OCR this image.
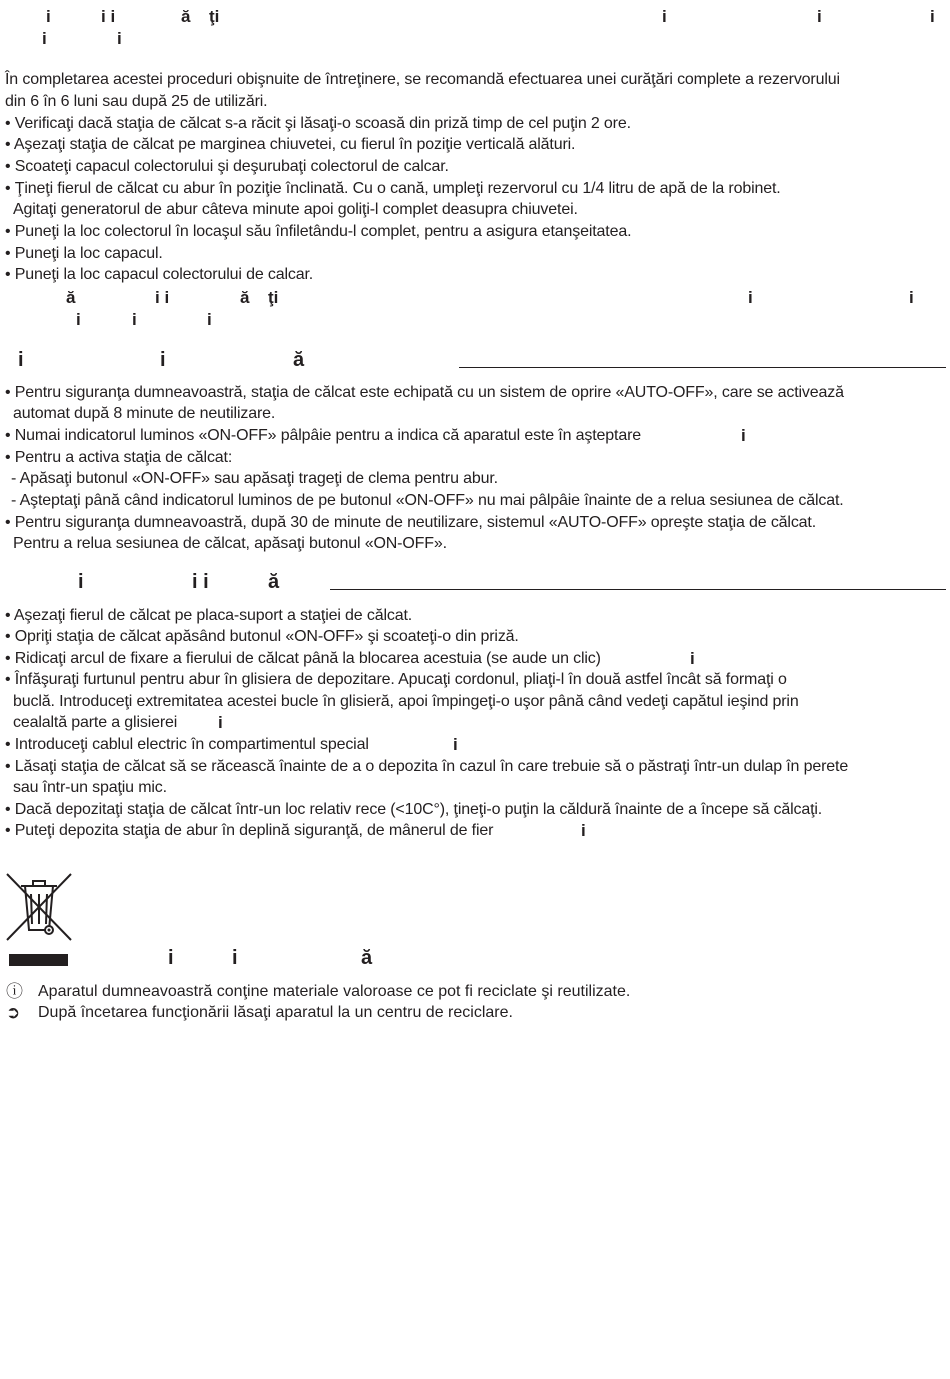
i	i i	ă ţi	i	i	i
i	i
În completarea acestei proceduri obişnuite de întreţinere, se recomandă efectuarea unei curăţări complete a rezervorului
din 6 în 6 luni sau după 25 de utilizări.
• Verificaţi dacă staţia de călcat s-a răcit şi lăsaţi-o scoasă din priză timp de cel puţin 2 ore.
• Aşezaţi staţia de călcat pe marginea chiuvetei, cu fierul în poziţie verticală alături.
• Scoateţi capacul colectorului şi deşurubaţi colectorul de calcar.
• Ţineţi fierul de călcat cu abur în poziţie înclinată. Cu o cană, umpleţi rezervorul cu 1/4 litru de apă de la robinet.
Agitaţi generatorul de abur câteva minute apoi goliţi-l complet deasupra chiuvetei.
• Puneţi la loc colectorul în locaşul său înfiletându-l complet, pentru a asigura etanşeitatea.
• Puneţi la loc capacul.
• Puneţi la loc capacul colectorului de calcar.
ă	i i	ă ţi	i	i
i	i	i
i	i	ă
• Pentru siguranţa dumneavoastră, staţia de călcat este echipată cu un sistem de oprire «AUTO-OFF», care se activează
automat după 8 minute de neutilizare.
• Numai indicatorul luminos «ON-OFF» pâlpâie pentru a indica că aparatul este în aşteptare	i
• Pentru a activa staţia de călcat:
- Apăsaţi butonul «ON-OFF» sau apăsaţi trageţi de clema pentru abur.
- Aşteptaţi până când indicatorul luminos de pe butonul «ON-OFF» nu mai pâlpâie înainte de a relua sesiunea de călcat.
• Pentru siguranţa dumneavoastră, după 30 de minute de neutilizare, sistemul «AUTO-OFF» opreşte staţia de călcat.
Pentru a relua sesiunea de călcat, apăsaţi butonul «ON-OFF».
i	i i	ă
• Aşezaţi fierul de călcat pe placa-suport a staţiei de călcat.
• Opriţi staţia de călcat apăsând butonul «ON-OFF» şi scoateţi-o din priză.
• Ridicaţi arcul de fixare a fierului de călcat până la blocarea acestuia (se aude un clic)	i
• Înfăşuraţi furtunul pentru abur în glisiera de depozitare. Apucaţi cordonul, pliaţi-l în două astfel încât să formaţi o
buclă. Introduceţi extremitatea acestei bucle în glisieră, apoi împingeţi-o uşor până când vedeţi capătul ieşind prin
cealaltă parte a glisierei i
• Introduceţi cablul electric în compartimentul special	i
• Lăsaţi staţia de călcat să se răcească înainte de a o depozita în cazul în care trebuie să o păstraţi într-un dulap în perete
sau într-un spaţiu mic.
• Dacă depozitaţi staţia de călcat într-un loc relativ rece (<10C°), ţineţi-o puţin la căldură înainte de a începe să călcaţi.
• Puteţi depozita staţia de abur în deplină siguranţă, de mânerul de fier	i
i	i	ă
ⓘ Aparatul dumneavoastră conţine materiale valoroase ce pot fi reciclate şi reutilizate.
➲ După încetarea funcţionării lăsaţi aparatul la un centru de reciclare.
